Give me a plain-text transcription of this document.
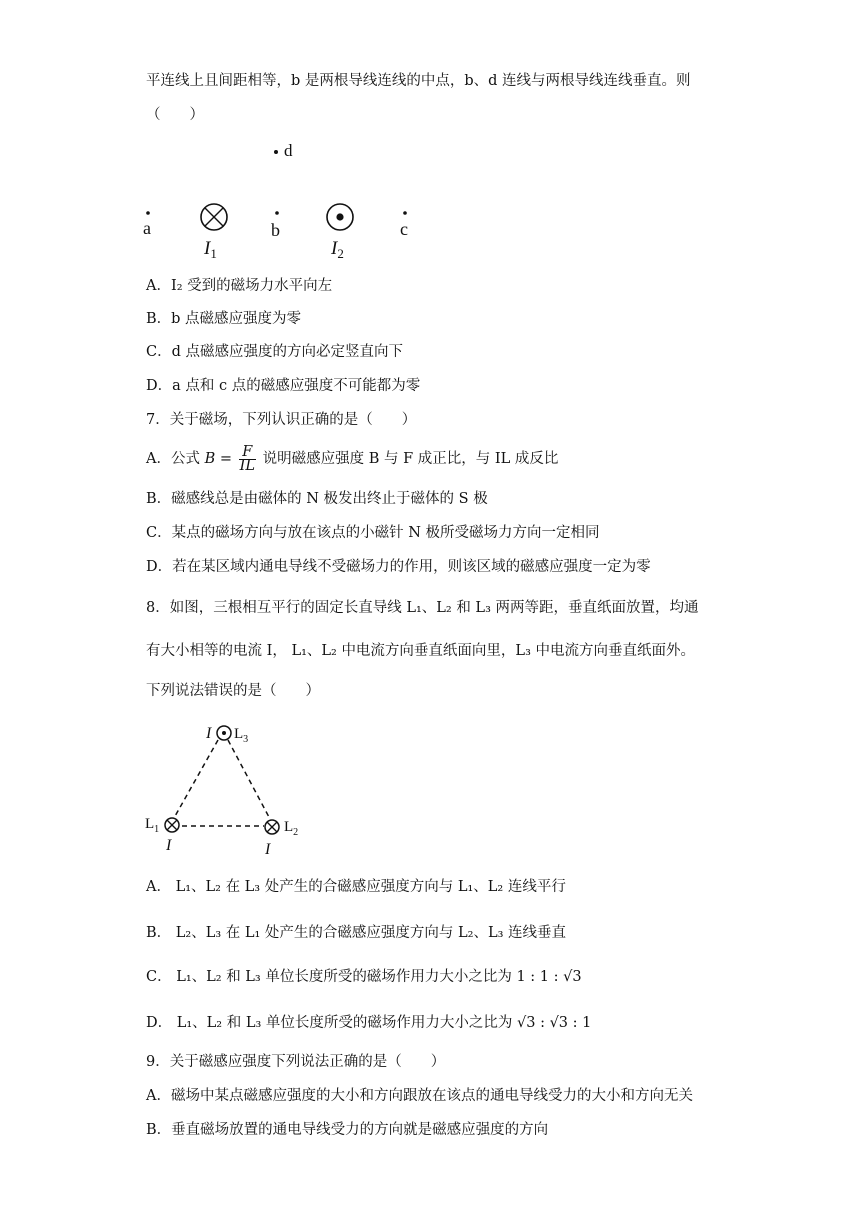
平连线上且间距相等，b 是两根导线连线的中点，b、d 连线与两根导线连线垂直。则
（　　）
d
a
$I_1$
b
$I_2$
c
A．I₂ 受到的磁场力水平向左
B．b 点磁感应强度为零
C．d 点磁感应强度的方向必定竖直向下
D．a 点和 c 点的磁感应强度不可能都为零
7．关于磁场，下列认识正确的是（　　）
A．公式 $B = \frac{F}{IL}$ 说明磁感应强度 B 与 F 成正比，与 IL 成反比
B．磁感线总是由磁体的 N 极发出终止于磁体的 S 极
C．某点的磁场方向与放在该点的小磁针 N 极所受磁场力方向一定相同
D．若在某区域内通电导线不受磁场力的作用，则该区域的磁感应强度一定为零
8．如图，三根相互平行的固定长直导线 L₁、L₂ 和 L₃ 两两等距，垂直纸面放置，均通
有大小相等的电流 I， L₁、L₂ 中电流方向垂直纸面向里，L₃ 中电流方向垂直纸面外。
下列说法错误的是（　　）
I $L_3$
$L_1$
I
$L_2$
I
A． L₁、L₂ 在 L₃ 处产生的合磁感应强度方向与 L₁、L₂ 连线平行
B． L₂、L₃ 在 L₁ 处产生的合磁感应强度方向与 L₂、L₃ 连线垂直
C． L₁、L₂ 和 L₃ 单位长度所受的磁场作用力大小之比为 1 : 1 : √3
D． L₁、L₂ 和 L₃ 单位长度所受的磁场作用力大小之比为 √3 : √3 : 1
9．关于磁感应强度下列说法正确的是（　　）
A．磁场中某点磁感应强度的大小和方向跟放在该点的通电导线受力的大小和方向无关
B．垂直磁场放置的通电导线受力的方向就是磁感应强度的方向
